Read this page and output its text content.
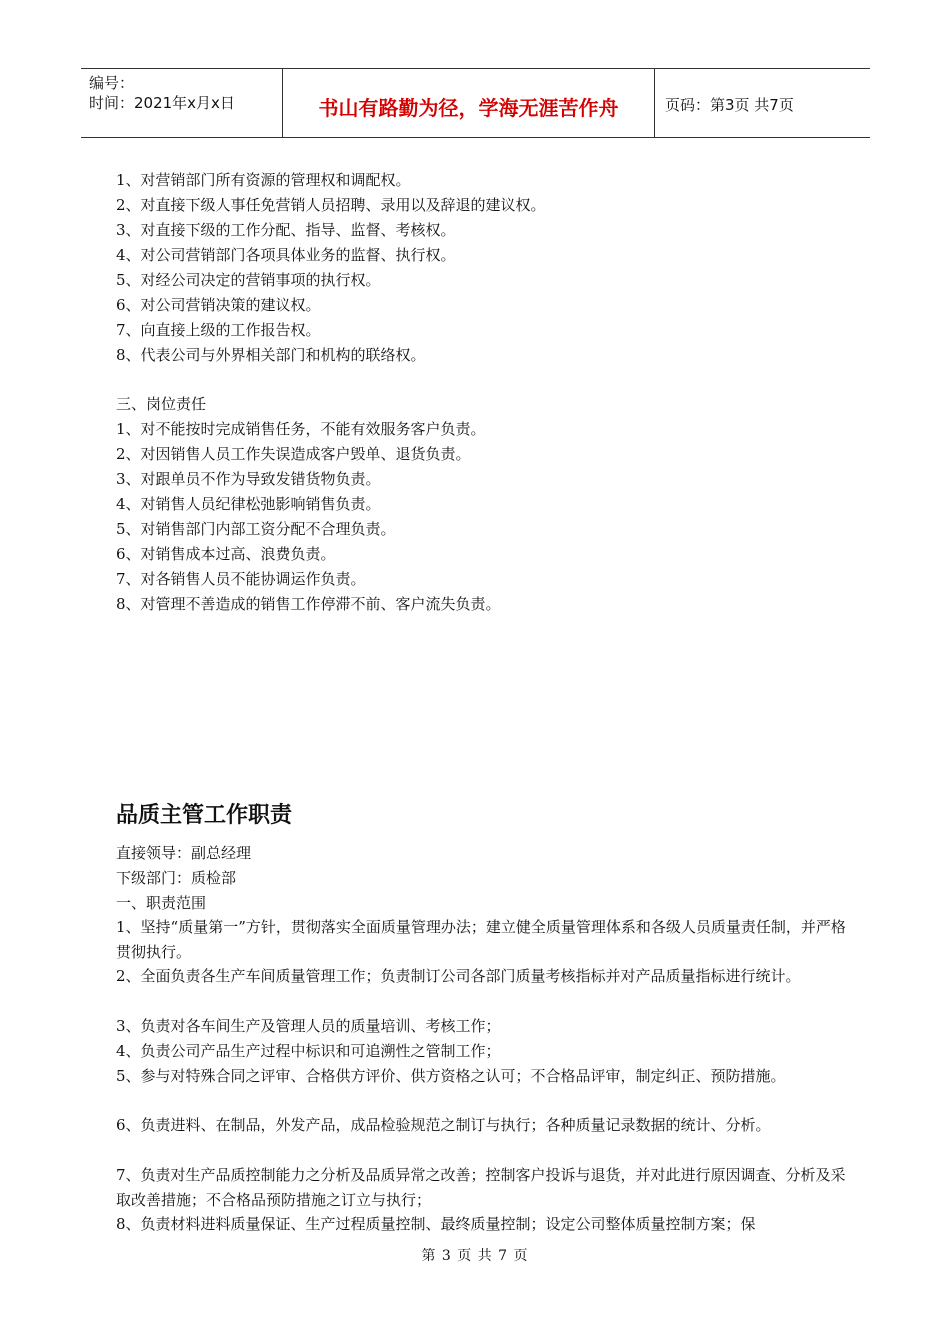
编号：
时间：2021年x月x日	书山有路勤为径，学海无涯苦作舟	页码：第3页 共7页
1、对营销部门所有资源的管理权和调配权。
2、对直接下级人事任免营销人员招聘、录用以及辞退的建议权。
3、对直接下级的工作分配、指导、监督、考核权。
4、对公司营销部门各项具体业务的监督、执行权。
5、对经公司决定的营销事项的执行权。
6、对公司营销决策的建议权。
7、向直接上级的工作报告权。
8、代表公司与外界相关部门和机构的联络权。
三、岗位责任
1、对不能按时完成销售任务，不能有效服务客户负责。
2、对因销售人员工作失误造成客户毁单、退货负责。
3、对跟单员不作为导致发错货物负责。
4、对销售人员纪律松弛影响销售负责。
5、对销售部门内部工资分配不合理负责。
6、对销售成本过高、浪费负责。
7、对各销售人员不能协调运作负责。
8、对管理不善造成的销售工作停滞不前、客户流失负责。
品质主管工作职责
直接领导：副总经理
下级部门：质检部
一、职责范围
1、坚持“质量第一”方针，贯彻落实全面质量管理办法；建立健全质量管理体系和各级人员质量责任制，并严格贯彻执行。
2、全面负责各生产车间质量管理工作；负责制订公司各部门质量考核指标并对产品质量指标进行统计。
3、负责对各车间生产及管理人员的质量培训、考核工作；
4、负责公司产品生产过程中标识和可追溯性之管制工作；
5、参与对特殊合同之评审、合格供方评价、供方资格之认可；不合格品评审，制定纠正、预防措施。
6、负责进料、在制品，外发产品，成品检验规范之制订与执行；各种质量记录数据的统计、分析。
7、负责对生产品质控制能力之分析及品质异常之改善；控制客户投诉与退货，并对此进行原因调查、分析及采取改善措施；不合格品预防措施之订立与执行；
8、负责材料进料质量保证、生产过程质量控制、最终质量控制；设定公司整体质量控制方案；保
第 3 页 共 7 页
